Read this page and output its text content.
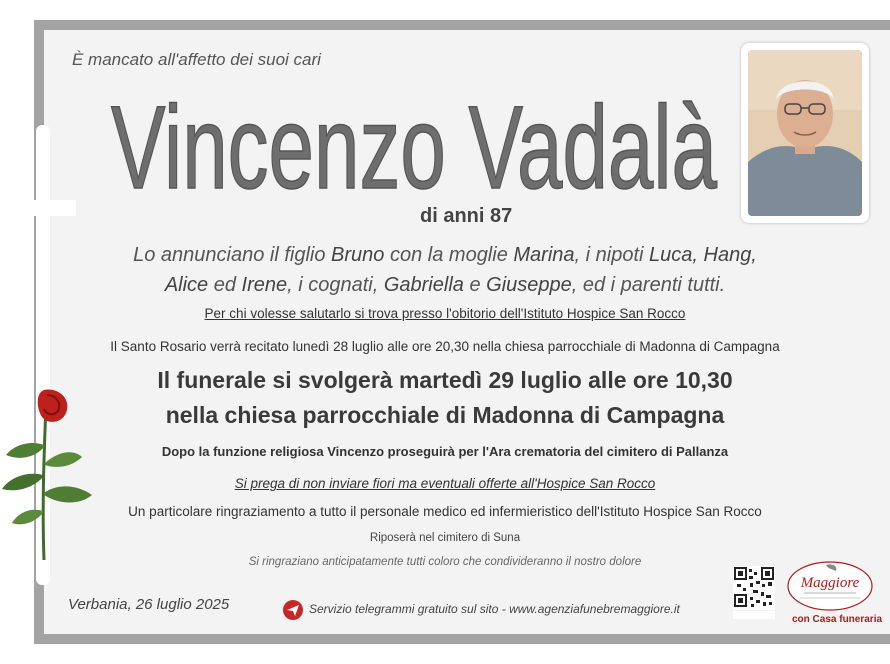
È mancato all'affetto dei suoi cari

Vincenzo Vadalà

di anni 87

Lo annunciano il figlio Bruno con la moglie Marina, i nipoti Luca, Hang,

Alice ed Irene, i cognati, Gabriella e Giuseppe, ed i parenti tutti.

Per chi volesse salutarlo si trova presso l'obitorio dell'Istituto Hospice San Rocco

Il Santo Rosario verrà recitato lunedì 28 luglio alle ore 20,30 nella chiesa parrocchiale di Madonna di Campagna

Il funerale si svolgerà martedì 29 luglio alle ore 10,30

nella chiesa parrocchiale di Madonna di Campagna

Dopo la funzione religiosa Vincenzo proseguirà per l'Ara crematoria del cimitero di Pallanza

Si prega di non inviare fiori ma eventuali offerte all'Hospice San Rocco

Un particolare ringraziamento a tutto il personale medico ed infermieristico dell'Istituto Hospice San Rocco

Riposerà nel cimitero di Suna

Si ringraziano anticipatamente tutti coloro che condivideranno il nostro dolore

Verbania, 26 luglio 2025	Servizio telegrammi gratuito sul sito - www.agenziafunebremaggiore.it

Maggiore

con Casa funeraria
